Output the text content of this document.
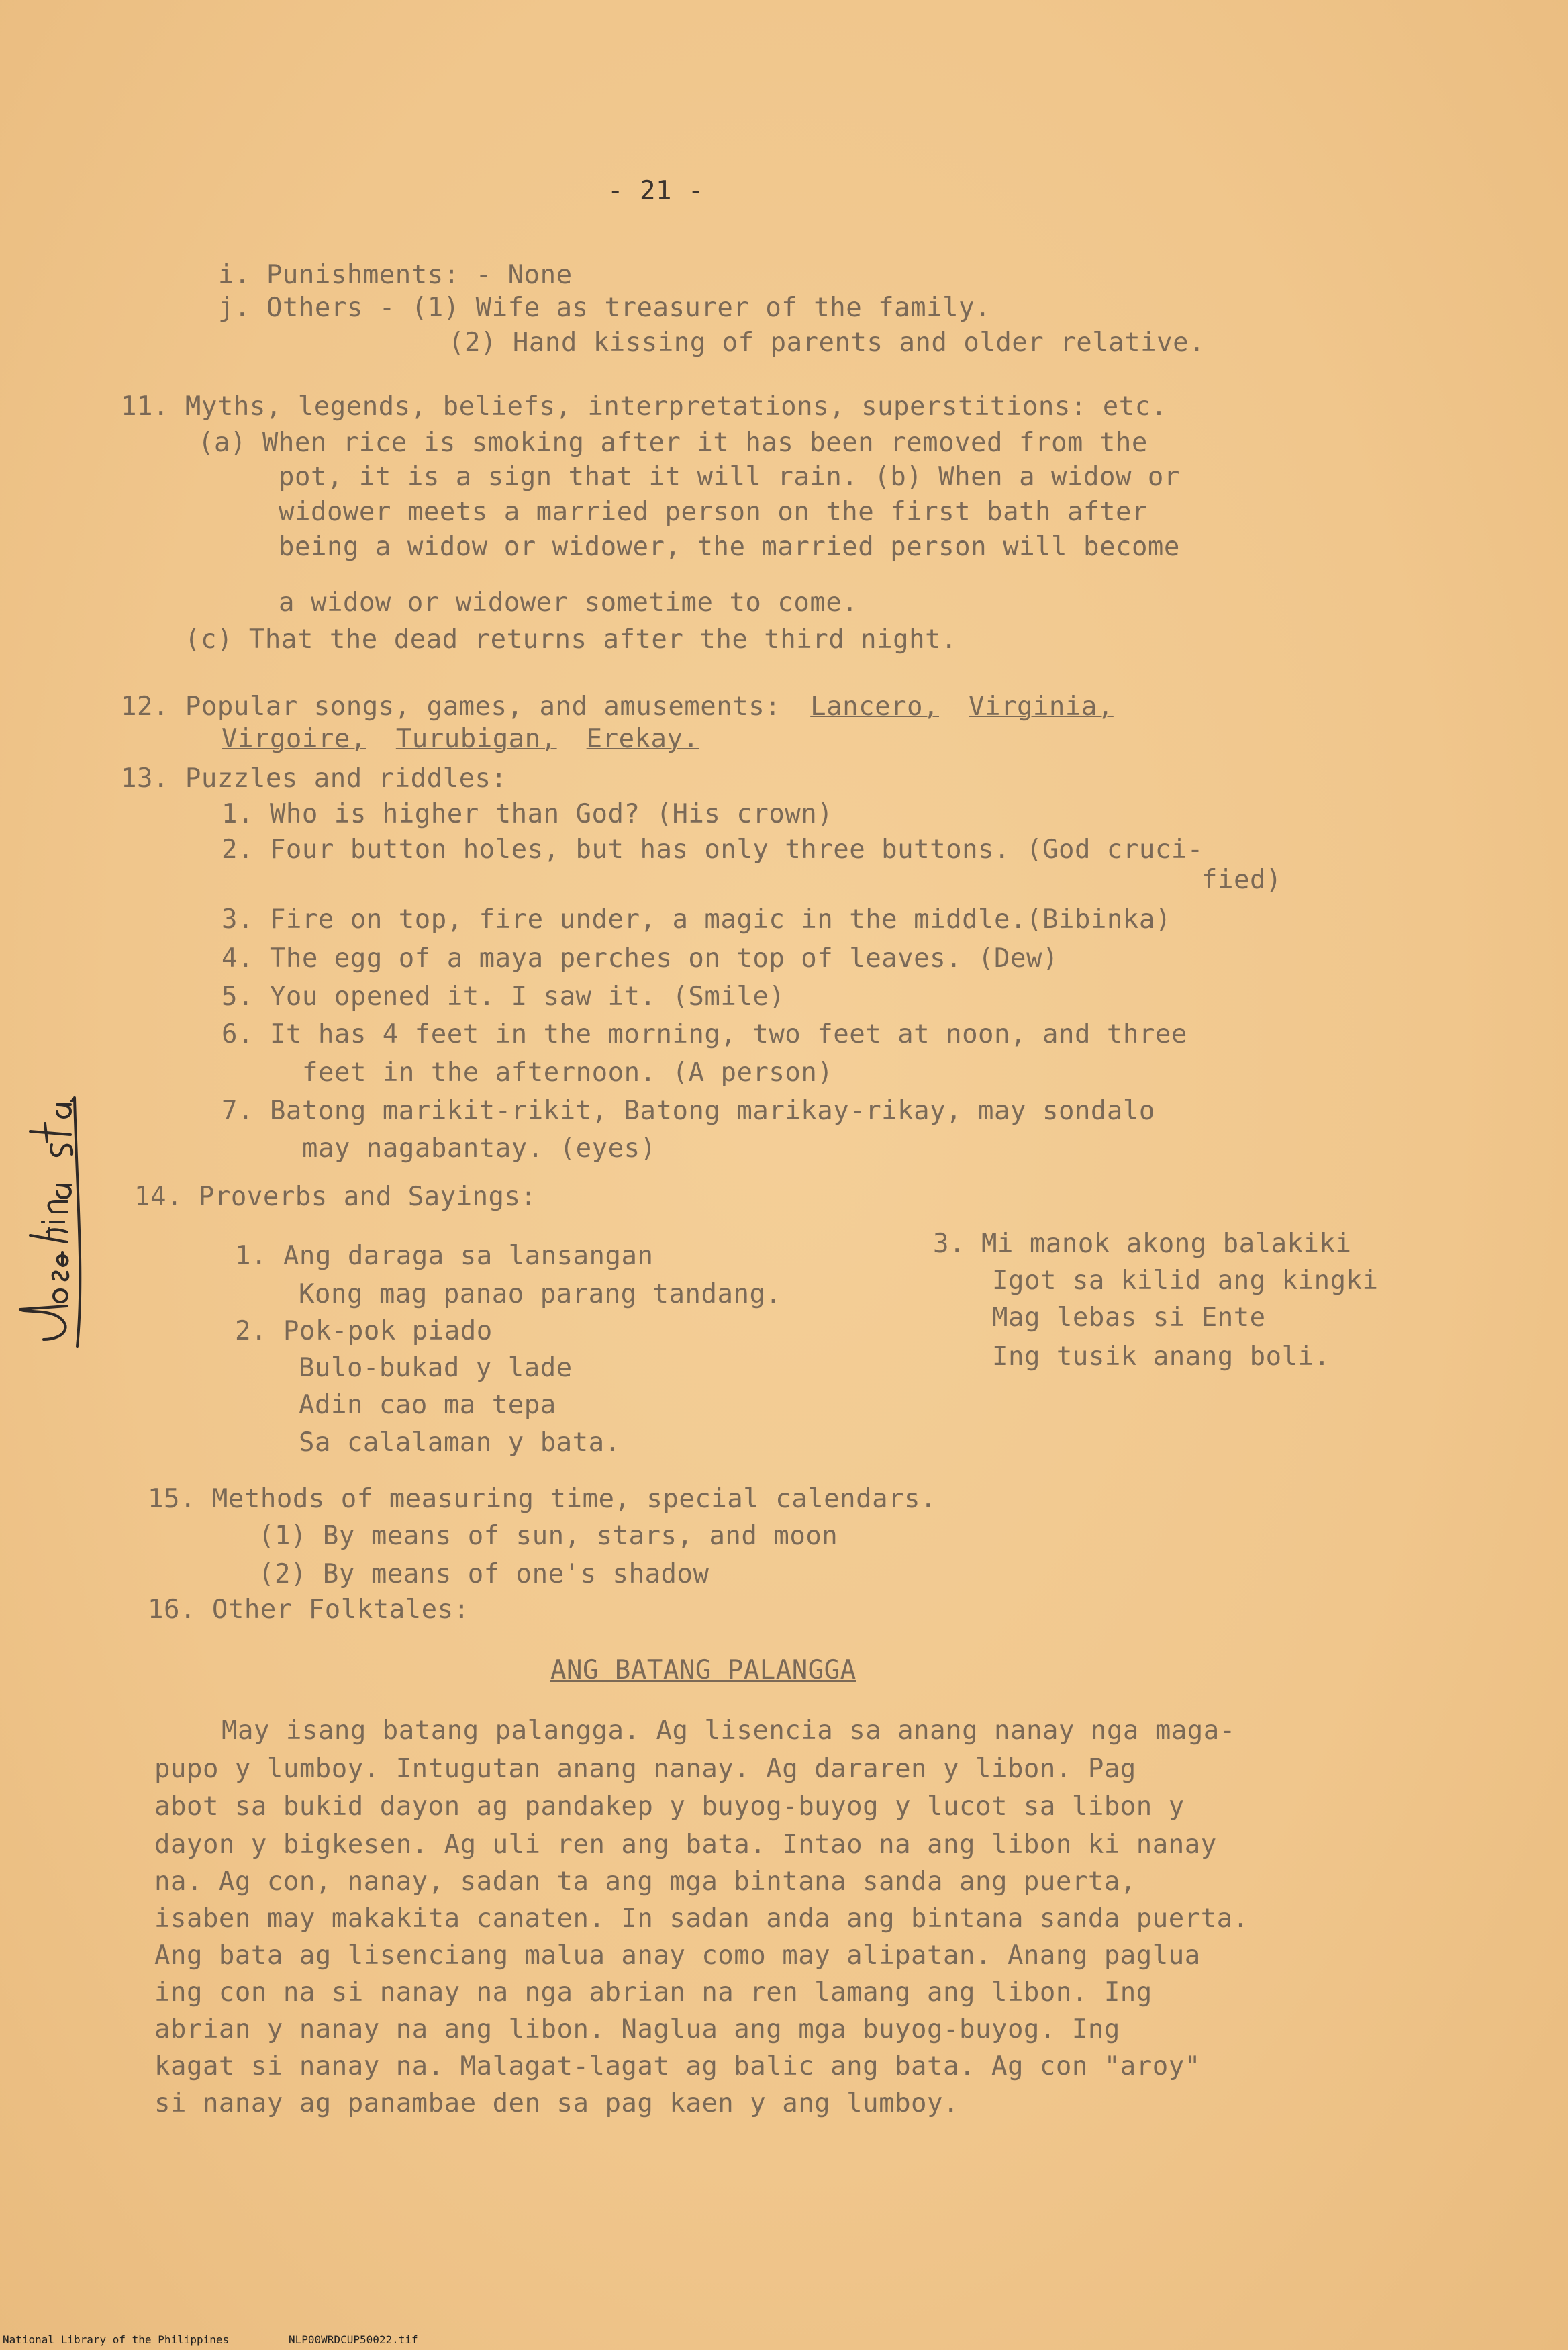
- 21 -
i. Punishments: - None
j. Others - (1) Wife as treasurer of the family.
(2) Hand kissing of parents and older relative.
11. Myths, legends, beliefs, interpretations, superstitions: etc.
(a) When rice is smoking after it has been removed from the
pot, it is a sign that it will rain. (b) When a widow or
widower meets a married person on the first bath after
being a widow or widower, the married person will become
a widow or widower sometime to come.
(c) That the dead returns after the third night.
12. Popular songs, games, and amusements: Lancero, Virginia,
Virgoire, Turubigan, Erekay.
13. Puzzles and riddles:
1. Who is higher than God? (His crown)
2. Four button holes, but has only three buttons. (God cruci-
fied)
3. Fire on top, fire under, a magic in the middle.(Bibinka)
4. The egg of a maya perches on top of leaves. (Dew)
5. You opened it. I saw it. (Smile)
6. It has 4 feet in the morning, two feet at noon, and three
feet in the afternoon. (A person)
7. Batong marikit-rikit, Batong marikay-rikay, may sondalo
may nagabantay. (eyes)
14. Proverbs and Sayings:
1. Ang daraga sa lansangan
Kong mag panao parang tandang.
2. Pok-pok piado
Bulo-bukad y lade
Adin cao ma tepa
Sa calalaman y bata.
3. Mi manok akong balakiki
Igot sa kilid ang kingki
Mag lebas si Ente
Ing tusik anang boli.
15. Methods of measuring time, special calendars.
(1) By means of sun, stars, and moon
(2) By means of one's shadow
16. Other Folktales:
ANG BATANG PALANGGA
May isang batang palangga. Ag lisencia sa anang nanay nga maga-
pupo y lumboy. Intugutan anang nanay. Ag dararen y libon. Pag
abot sa bukid dayon ag pandakep y buyog-buyog y lucot sa libon y
dayon y bigkesen. Ag uli ren ang bata. Intao na ang libon ki nanay
na. Ag con, nanay, sadan ta ang mga bintana sanda ang puerta,
isaben may makakita canaten. In sadan anda ang bintana sanda puerta.
Ang bata ag lisenciang malua anay como may alipatan. Anang paglua
ing con na si nanay na nga abrian na ren lamang ang libon. Ing
abrian y nanay na ang libon. Naglua ang mga buyog-buyog. Ing
kagat si nanay na. Malagat-lagat ag balic ang bata. Ag con "aroy"
si nanay ag panambae den sa pag kaen y ang lumboy.
National Library of the Philippines	NLP00WRDCUP50022.tif
